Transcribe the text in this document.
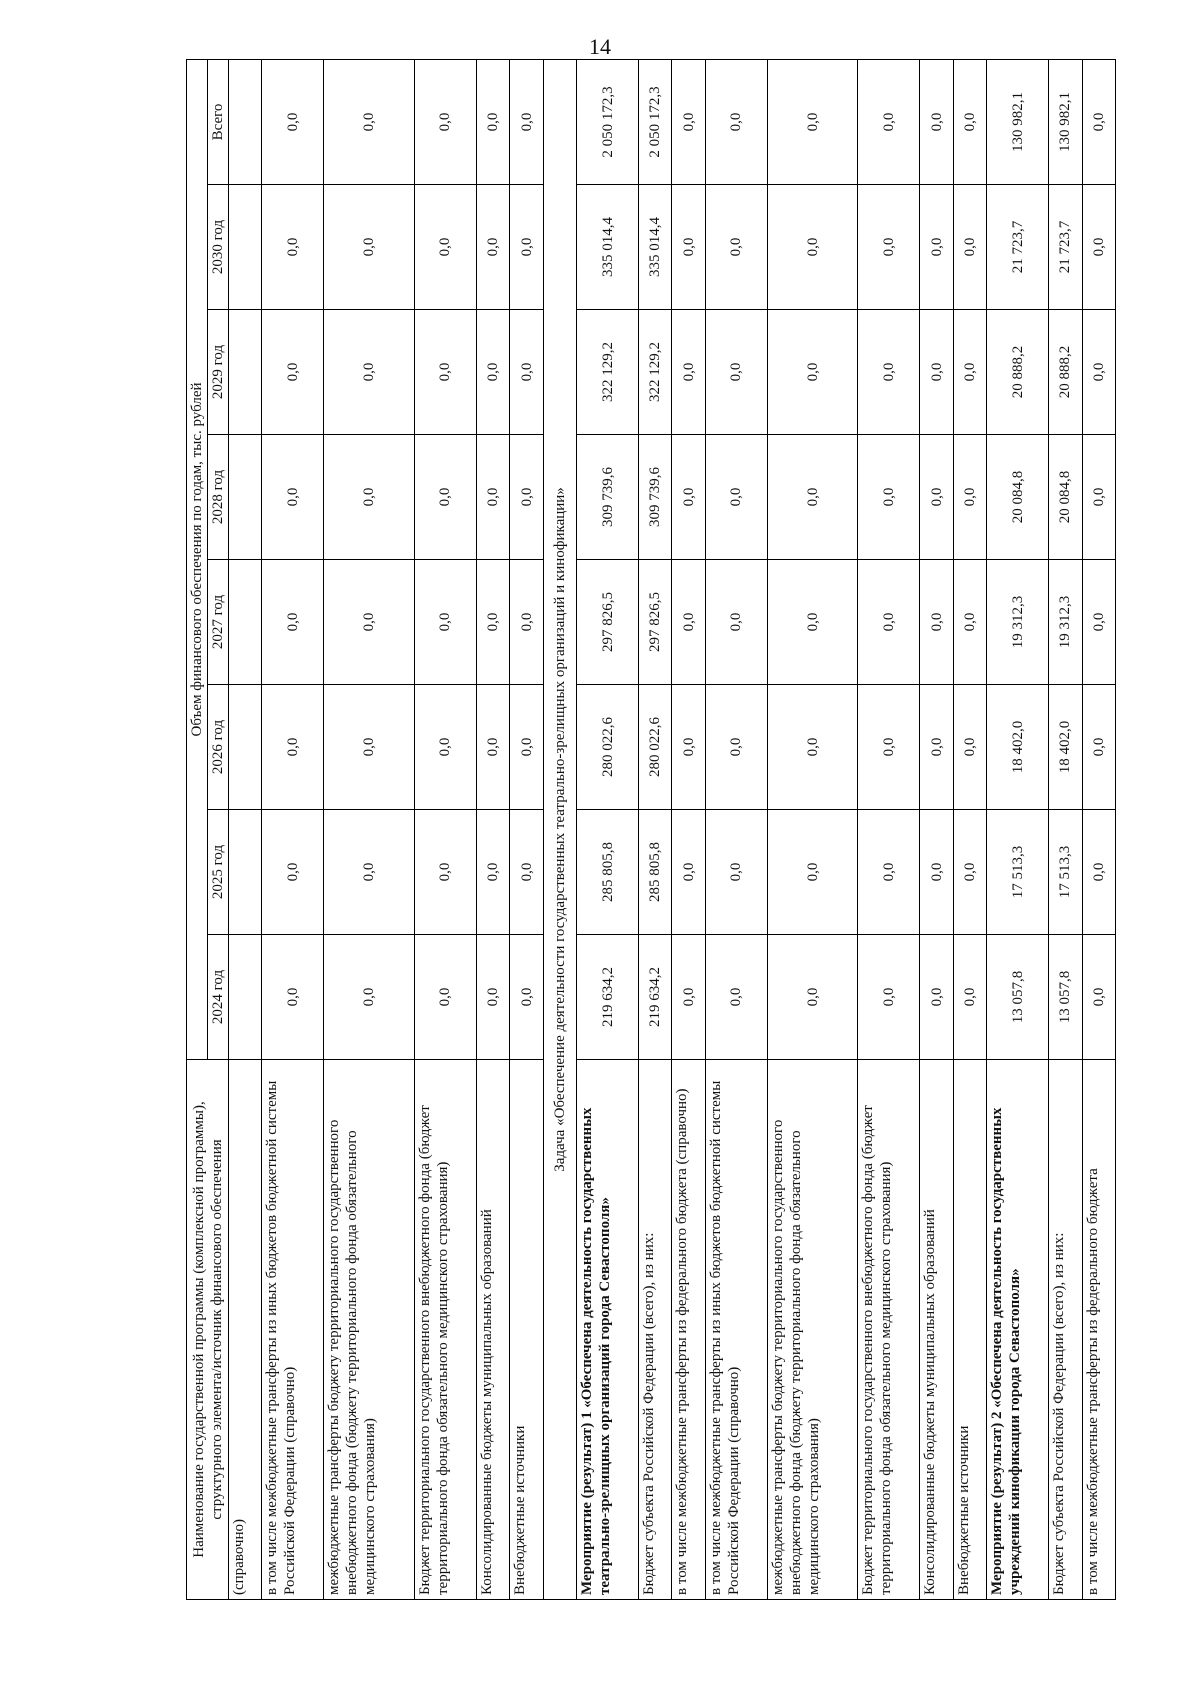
14
Наименование государственной программы (комплексной программы), структурного элемента/источник финансового обеспечения	Объем финансового обеспечения по годам, тыс. рублей							
	2024 год	2025 год	2026 год	2027 год	2028 год	2029 год	2030 год	Всего
(справочно)								
в том числе межбюджетные трансферты из иных бюджетов бюджетной системы Российской Федерации (справочно)	0,0	0,0	0,0	0,0	0,0	0,0	0,0	0,0
межбюджетные трансферты бюджету территориального государственного внебюджетного фонда (бюджету территориального фонда обязательного медицинского страхования)	0,0	0,0	0,0	0,0	0,0	0,0	0,0	0,0
Бюджет территориального государственного внебюджетного фонда (бюджет территориального фонда обязательного медицинского страхования)	0,0	0,0	0,0	0,0	0,0	0,0	0,0	0,0
Консолидированные бюджеты муниципальных образований	0,0	0,0	0,0	0,0	0,0	0,0	0,0	0,0
Внебюджетные источники	0,0	0,0	0,0	0,0	0,0	0,0	0,0	0,0
Задача «Обеспечение деятельности государственных театрально-зрелищных организаций и кинофикации»								
Мероприятие (результат) 1 «Обеспечена деятельность государственных театрально-зрелищных организаций города Севастополя»	219 634,2	285 805,8	280 022,6	297 826,5	309 739,6	322 129,2	335 014,4	2 050 172,3
Бюджет субъекта Российской Федерации (всего), из них:	219 634,2	285 805,8	280 022,6	297 826,5	309 739,6	322 129,2	335 014,4	2 050 172,3
в том числе межбюджетные трансферты из федерального бюджета (справочно)	0,0	0,0	0,0	0,0	0,0	0,0	0,0	0,0
в том числе межбюджетные трансферты из иных бюджетов бюджетной системы Российской Федерации (справочно)	0,0	0,0	0,0	0,0	0,0	0,0	0,0	0,0
межбюджетные трансферты бюджету территориального государственного внебюджетного фонда (бюджету территориального фонда обязательного медицинского страхования)	0,0	0,0	0,0	0,0	0,0	0,0	0,0	0,0
Бюджет территориального государственного внебюджетного фонда (бюджет территориального фонда обязательного медицинского страхования)	0,0	0,0	0,0	0,0	0,0	0,0	0,0	0,0
Консолидированные бюджеты муниципальных образований	0,0	0,0	0,0	0,0	0,0	0,0	0,0	0,0
Внебюджетные источники	0,0	0,0	0,0	0,0	0,0	0,0	0,0	0,0
Мероприятие (результат) 2 «Обеспечена деятельность государственных учреждений кинофикации города Севастополя»	13 057,8	17 513,3	18 402,0	19 312,3	20 084,8	20 888,2	21 723,7	130 982,1
Бюджет субъекта Российской Федерации (всего), из них:	13 057,8	17 513,3	18 402,0	19 312,3	20 084,8	20 888,2	21 723,7	130 982,1
в том числе межбюджетные трансферты из федерального бюджета	0,0	0,0	0,0	0,0	0,0	0,0	0,0	0,0
